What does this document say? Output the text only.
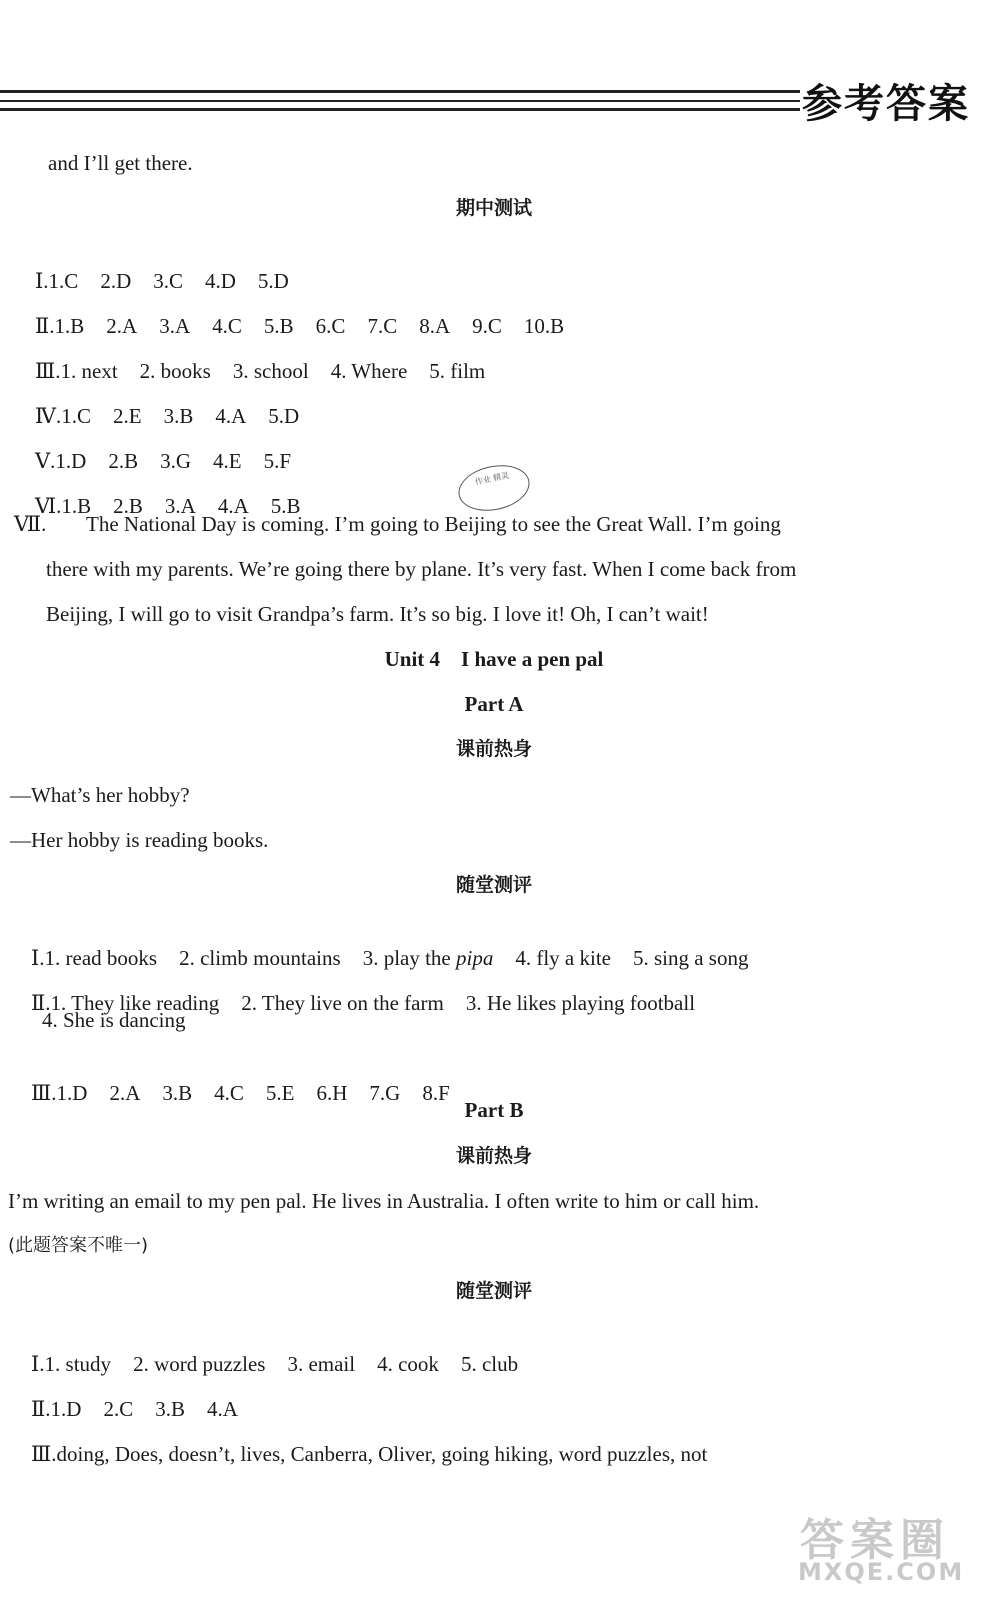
参考答案
and I’ll get there.
期中测试

Ⅰ.1.C 2.D 3.C 4.D 5.D

Ⅱ.1.B 2.A 3.A 4.C 5.B 6.C 7.C 8.A 9.C 10.B

Ⅲ.1. next 2. books 3. school 4. Where 5. film

Ⅳ.1.C 2.E 3.B 4.A 5.D

Ⅴ.1.D 2.B 3.G 4.E 5.F

Ⅵ.1.B 2.B 3.A 4.A 5.B

作业 精灵
Ⅶ. The National Day is coming. I’m going to Beijing to see the Great Wall. I’m going
there with my parents. We’re going there by plane. It’s very fast. When I come back from
Beijing, I will go to visit Grandpa’s farm. It’s so big. I love it! Oh, I can’t wait!
Unit 4    I have a pen pal
Part A
课前热身
—What’s her hobby?
—Her hobby is reading books.
随堂测评

Ⅰ.1. read books 2. climb mountains 3. play the pipa 4. fly a kite 5. sing a song

Ⅱ.1. They like reading 2. They live on the farm 3. He likes playing football

4. She is dancing

Ⅲ.1.D 2.A 3.B 4.C 5.E 6.H 7.G 8.F

Part B
课前热身
I’m writing an email to my pen pal. He lives in Australia. I often write to him or call him.
(此题答案不唯一)
随堂测评

Ⅰ.1. study 2. word puzzles 3. email 4. cook 5. club

Ⅱ.1.D 2.C 3.B 4.A

Ⅲ.doing, Does, doesn’t, lives, Canberra, Oliver, going hiking, word puzzles, not

答案圈
MXQE.COM
